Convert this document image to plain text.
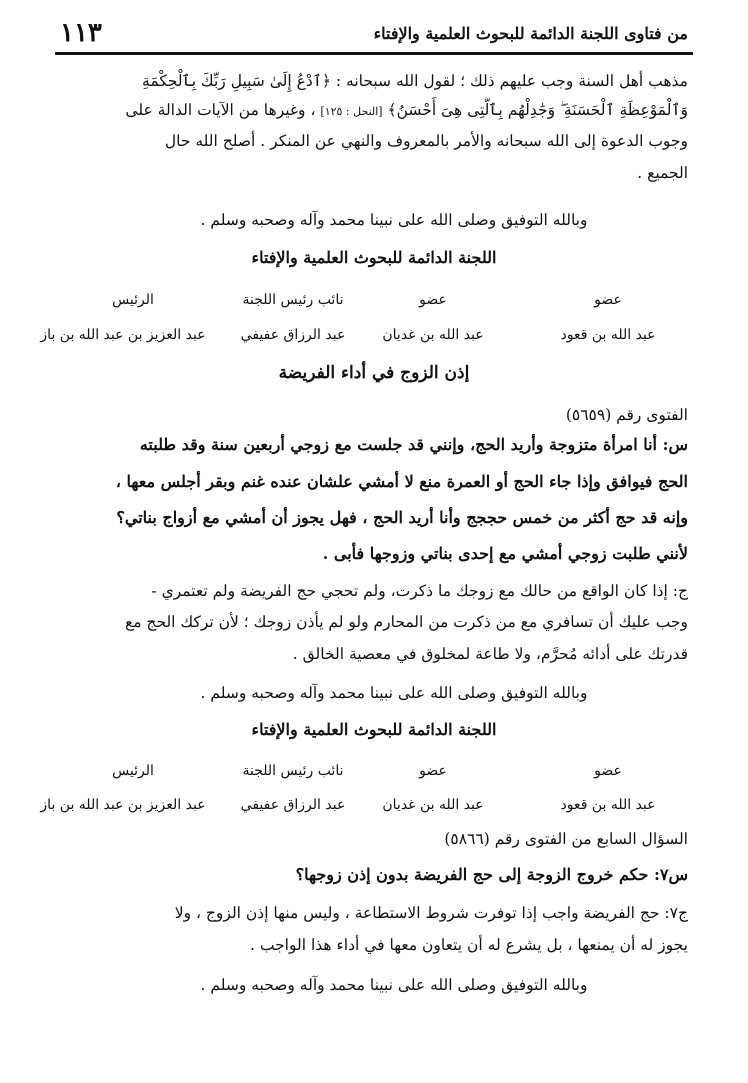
من فتاوى اللجنة الدائمة للبحوث العلمية والإفتاء
١١٣
مذهب أهل السنة وجب عليهم ذلك ؛ لقول الله سبحانه : ﴿ٱدْعُ إِلَىٰ سَبِيلِ رَبِّكَ بِٱلْحِكْمَةِ
وَٱلْمَوْعِظَةِ ٱلْحَسَنَةِ ۖ وَجَٰدِلْهُم بِٱلَّتِى هِىَ أَحْسَنُ﴾ [النحل : ١٢٥] ، وغيرها من الآيات الدالة على
وجوب الدعوة إلى الله سبحانه والأمر بالمعروف والنهي عن المنكر . أصلح الله حال
الجميع .
وبالله التوفيق وصلى الله على نبينا محمد وآله وصحبه وسلم .
اللجنة الدائمة للبحوث العلمية والإفتاء
عضو
عضو
نائب رئيس اللجنة
الرئيس
عبد الله بن قعود
عبد الله بن غديان
عبد الرزاق عفيفي
عبد العزيز بن عبد الله بن باز
إذن الزوج في أداء الفريضة
الفتوى رقم (٥٦٥٩)
س: أنا امرأة متزوجة وأريد الحج، وإنني قد جلست مع زوجي أربعين سنة وقد طلبته
الحج فيوافق وإذا جاء الحج أو العمرة منع لا أمشي علشان عنده غنم وبقر أجلس معها ،
وإنه قد حج أكثر من خمس حججج وأنا أريد الحج ، فهل يجوز أن أمشي مع أزواج بناتي؟
لأنني طلبت زوجي أمشي مع إحدى بناتي وزوجها فأبى .
ج: إذا كان الواقع من حالك مع زوجك ما ذكرت، ولم تحجي حج الفريضة ولم تعتمري -
وجب عليك أن تسافري مع من ذكرت من المحارم ولو لم يأذن زوجك ؛ لأن تركك الحج مع
قدرتك على أدائه مُحرَّم، ولا طاعة لمخلوق في معصية الخالق .
وبالله التوفيق وصلى الله على نبينا محمد وآله وصحبه وسلم .
اللجنة الدائمة للبحوث العلمية والإفتاء
عضو
عضو
نائب رئيس اللجنة
الرئيس
عبد الله بن قعود
عبد الله بن غديان
عبد الرزاق عفيفي
عبد العزيز بن عبد الله بن باز
السؤال السابع من الفتوى رقم (٥٨٦٦)
س٧: حكم خروج الزوجة إلى حج الفريضة بدون إذن زوجها؟
ج٧: حج الفريضة واجب إذا توفرت شروط الاستطاعة ، وليس منها إذن الزوج ، ولا
يجوز له أن يمنعها ، بل يشرع له أن يتعاون معها في أداء هذا الواجب .
وبالله التوفيق وصلى الله على نبينا محمد وآله وصحبه وسلم .
